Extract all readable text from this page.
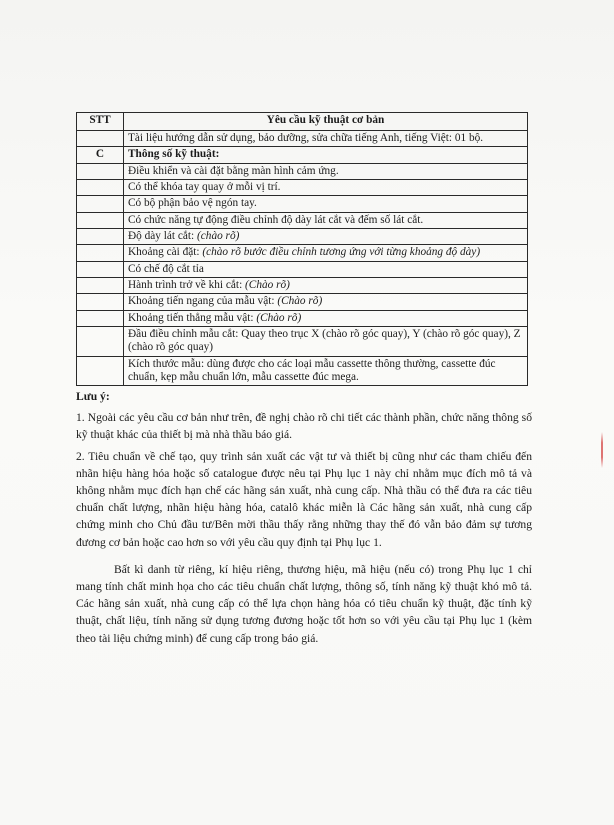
STT	Yêu cầu kỹ thuật cơ bản
	Tài liệu hướng dẫn sử dụng, bảo dưỡng, sửa chữa tiếng Anh, tiếng Việt: 01 bộ.
C	Thông số kỹ thuật:
	Điều khiển và cài đặt bằng màn hình cảm ứng.
	Có thể khóa tay quay ở mỗi vị trí.
	Có bộ phận bảo vệ ngón tay.
	Có chức năng tự động điều chỉnh độ dày lát cắt và đếm số lát cắt.
	Độ dày lát cắt: (chào rõ)
	Khoảng cài đặt: (chào rõ bước điều chỉnh tương ứng với từng khoảng độ dày)
	Có chế độ cắt tỉa
	Hành trình trở về khi cắt: (Chào rõ)
	Khoảng tiến ngang của mẫu vật: (Chào rõ)
	Khoảng tiến thẳng mẫu vật: (Chào rõ)
	Đầu điều chỉnh mẫu cắt: Quay theo trục X (chào rõ góc quay), Y (chào rõ góc quay), Z (chào rõ góc quay)
	Kích thước mẫu: dùng được cho các loại mẫu cassette thông thường, cassette đúc chuẩn, kẹp mẫu chuẩn lớn, mẫu cassette đúc mega.

Lưu ý:

1. Ngoài các yêu cầu cơ bản như trên, đề nghị chào rõ chi tiết các thành phần, chức năng thông số kỹ thuật khác của thiết bị mà nhà thầu báo giá.

2. Tiêu chuẩn về chế tạo, quy trình sản xuất các vật tư và thiết bị cũng như các tham chiếu đến nhãn hiệu hàng hóa hoặc số catalogue được nêu tại Phụ lục 1 này chỉ nhằm mục đích mô tả và không nhằm mục đích hạn chế các hãng sản xuất, nhà cung cấp. Nhà thầu có thể đưa ra các tiêu chuẩn chất lượng, nhãn hiệu hàng hóa, catalô khác miễn là Các hãng sản xuất, nhà cung cấp chứng minh cho Chủ đầu tư/Bên mời thầu thấy rằng những thay thế đó vẫn bảo đảm sự tương đương cơ bản hoặc cao hơn so với yêu cầu quy định tại Phụ lục 1.

Bất kì danh từ riêng, kí hiệu riêng, thương hiệu, mã hiệu (nếu có) trong Phụ lục 1 chỉ mang tính chất minh họa cho các tiêu chuẩn chất lượng, thông số, tính năng kỹ thuật khó mô tả. Các hãng sản xuất, nhà cung cấp có thể lựa chọn hàng hóa có tiêu chuẩn kỹ thuật, đặc tính kỹ thuật, chất liệu, tính năng sử dụng tương đương hoặc tốt hơn so với yêu cầu tại Phụ lục 1 (kèm theo tài liệu chứng minh) để cung cấp trong báo giá.
